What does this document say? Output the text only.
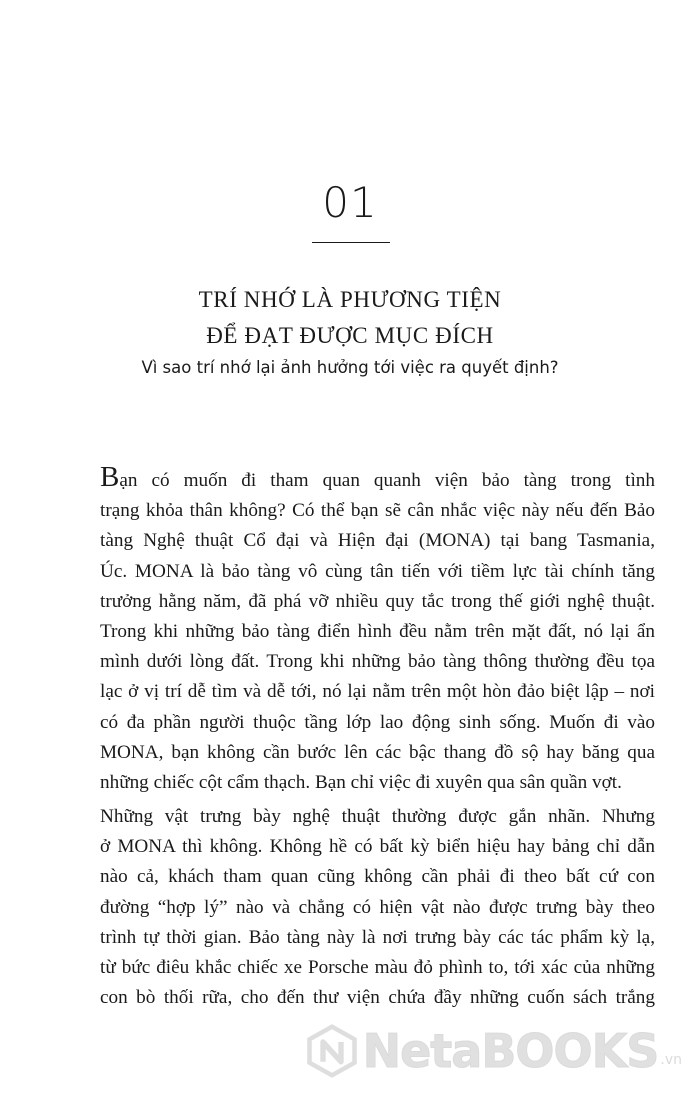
01
TRÍ NHỚ LÀ PHƯƠNG TIỆN
ĐỂ ĐẠT ĐƯỢC MỤC ĐÍCH
Vì sao trí nhớ lại ảnh hưởng tới việc ra quyết định?
Bạn có muốn đi tham quan quanh viện bảo tàng trong tình
trạng khỏa thân không? Có thể bạn sẽ cân nhắc việc này nếu đến Bảo
tàng Nghệ thuật Cổ đại và Hiện đại (MONA) tại bang Tasmania,
Úc. MONA là bảo tàng vô cùng tân tiến với tiềm lực tài chính tăng
trưởng hằng năm, đã phá vỡ nhiều quy tắc trong thế giới nghệ thuật.
Trong khi những bảo tàng điển hình đều nằm trên mặt đất, nó lại ẩn
mình dưới lòng đất. Trong khi những bảo tàng thông thường đều tọa
lạc ở vị trí dễ tìm và dễ tới, nó lại nằm trên một hòn đảo biệt lập – nơi
có đa phần người thuộc tầng lớp lao động sinh sống. Muốn đi vào
MONA, bạn không cần bước lên các bậc thang đồ sộ hay băng qua
những chiếc cột cẩm thạch. Bạn chỉ việc đi xuyên qua sân quần vợt.
Những vật trưng bày nghệ thuật thường được gắn nhãn. Nhưng
ở MONA thì không. Không hề có bất kỳ biển hiệu hay bảng chỉ dẫn
nào cả, khách tham quan cũng không cần phải đi theo bất cứ con
đường “hợp lý” nào và chẳng có hiện vật nào được trưng bày theo
trình tự thời gian. Bảo tàng này là nơi trưng bày các tác phẩm kỳ lạ,
từ bức điêu khắc chiếc xe Porsche màu đỏ phình to, tới xác của những
con bò thối rữa, cho đến thư viện chứa đầy những cuốn sách trắng
NetaBOOKS .vn
